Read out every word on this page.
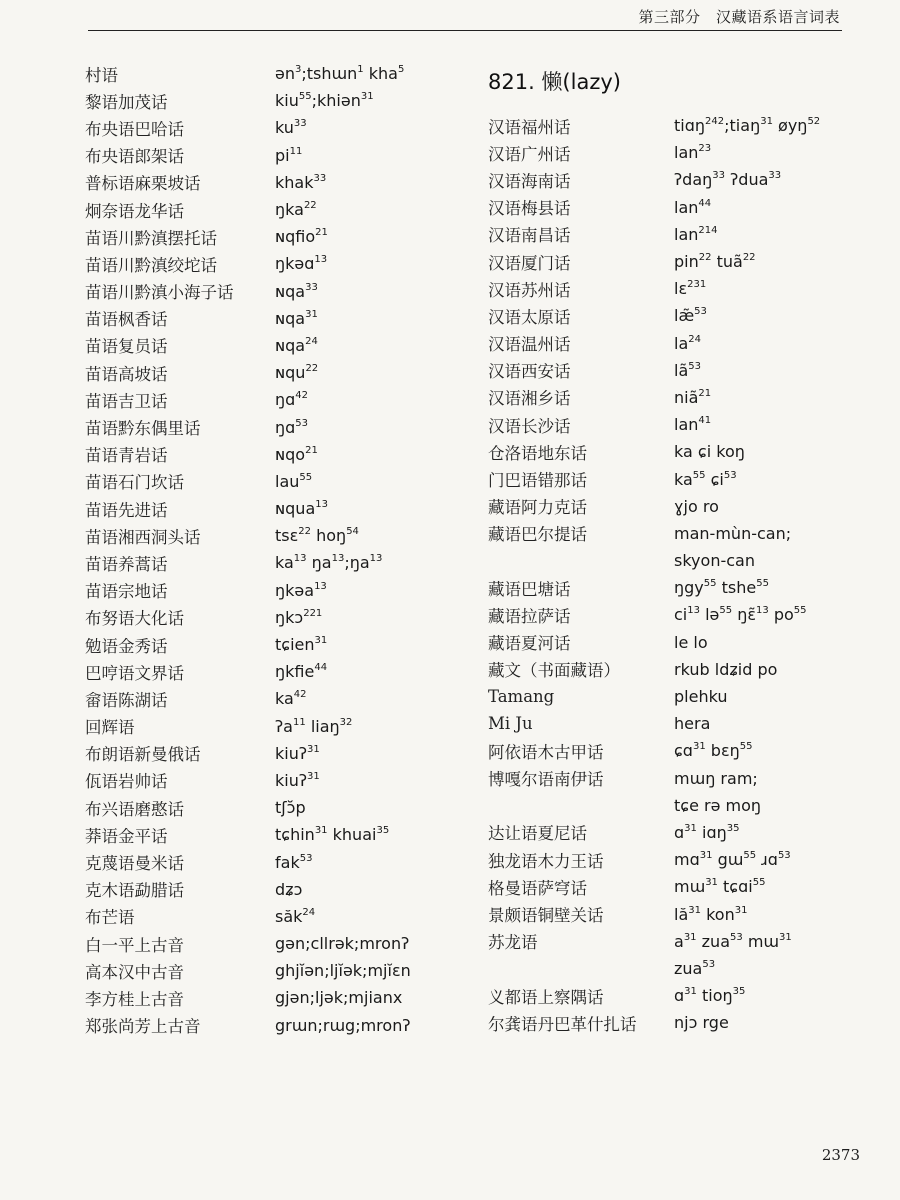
第三部分　汉藏语系语言词表
村语	ən$^3$;tshɯn$^1$ kha$^5$
黎语加茂话	kiu$^{55}$;khiən$^{31}$
布央语巴哈话	$ku^{33}$
布央语郎架话	$pi^{11}$
普标语麻栗坡话	khak$^{33}$
炯奈语龙华话	ŋka$^{22}$
苗语川黔滇摆托话	ɴqfo$^{21}$
苗语川黔滇绞坨话	ŋkəɑ$^{13}$
苗语川黔滇小海子话	ɴqa$^{33}$
苗语枫香话	ɴqa$^{31}$
苗语复员话	ɴqa$^{24}$
苗语高坡话	ɴqu$^{22}$
苗语吉卫话	ŋɑ$^{42}$
苗语黔东偶里话	ŋɑ$^{53}$
苗语青岩话	ɴqo$^{21}$
苗语石门坎话	lau$^{55}$
苗语先进话	ɴqua$^{13}$
苗语湘西洞头话	tsɛ$^{22}$ hoŋ$^{54}$
苗语养蒿话	$ka^{13}$ $ŋa^{13};ŋa^{13}$
苗语宗地话	ŋkəa$^{13}$
布努语大化话	ŋkɔ$^{221}$
勉语金秀话	tɕien$^{31}$
巴哼语文界话	ŋkfe$^{44}$
畲语陈湖话	$ka^{42}$
回辉语	ʔa$^{11}$ liaŋ$^{32}$
布朗语新曼俄话	kiuʔ$^{31}$
佤语岩帅话	kiuʔ$^{31}$
布兴语磨憨话	tʃɔp
莽语金平话	tɕhin$^{31}$ khuai$^{35}$
克蔑语曼米话	fak$^{53}$
克木语勐腊话	dʑɔ
布芒语	săk$^{24}$
白一平上古音	gən;cllrək;mronʔ
高本汉中古音	ghjĭən;ljĭək;mjĭɛn
李方桂上古音	gjən;ljək;mjianx
郑张尚芳上古音	grɯn;rɯg;mronʔ
821. 懒(lazy)
汉语福州话	tiɑŋ$^{242}$;tiaŋ$^{31}$ øyŋ$^{52}$
汉语广州话	lan$^{23}$
汉语海南话	ʔdaŋ$^{33}$ ʔdua$^{33}$
汉语梅县话	lan$^{44}$
汉语南昌话	lan$^{214}$
汉语厦门话	pin$^{22}$ tuã$^{22}$
汉语苏州话	lɛ$^{231}$
汉语太原话	$læ^{53}$
汉语温州话	$la^{24}$
汉语西安话	$lã^{53}$
汉语湘乡话	niã$^{21}$
汉语长沙话	lan$^{41}$
仓洛语地东话	ka ɕi koŋ
门巴语错那话	$ka^{55}$ ɕi$^{53}$
藏语阿力克话	ɣjo ro
藏语巴尔提话	man-mùn-can;
skyon-can
藏语巴塘话	ŋgy$^{55}$ tshe$^{55}$
藏语拉萨话	$ci^{13}$ lə$^{55}$ ŋɛ$^{13}$ $po^{55}$
藏语夏河话	le lo
藏文（书面藏语）	rkub ldʑid po
Tamang	plehku
Mi Ju	hera
阿依语木古甲话	ɕɑ$^{31}$ bɛŋ$^{55}$
博嘎尔语南伊话	mɯŋ ram;
tɕe rə moŋ
达让语夏尼话	ɑ$^{31}$ iɑŋ$^{35}$
独龙语木力王话	mɑ$^{31}$ gɯ$^{55}$ ɹɑ$^{53}$
格曼语萨穹话	mɯ$^{31}$ tɕɑi$^{55}$
景颇语铜壁关话	$lă^{31}$ kon$^{31}$
苏龙语	$a^{31}$ zua$^{53}$ mɯ$^{31}$
zua$^{53}$
义都语上察隅话	ɑ$^{31}$ tioŋ$^{35}$
尔龚语丹巴革什扎话	njɔ rge
2373
